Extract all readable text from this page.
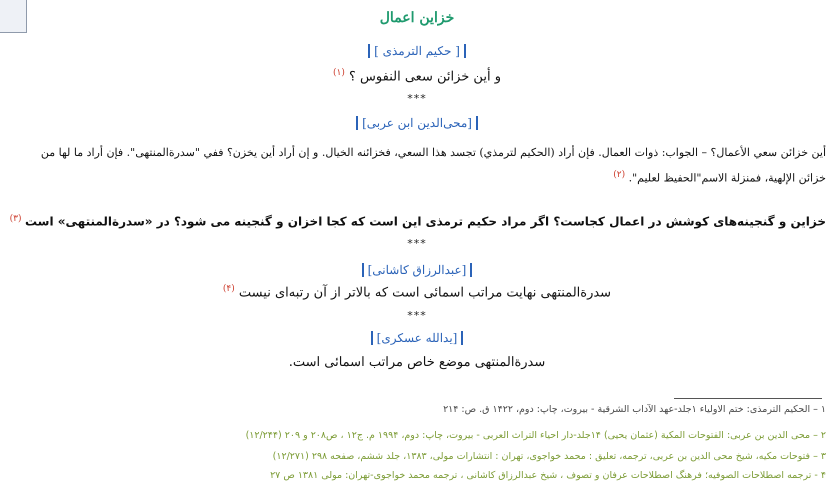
خزاین اعمال
[ حکیم الترمذی ]
و أین خزائن سعی النفوس ؟ $^{(۱)}$
***
[محی‌الدین ابن عربی]
أین خزائن سعي الأعمال؟ – الجواب: ذوات العمال. فإن أراد (الحکیم لترمذي) تجسد هذا السعي، فخزائنه الخیال. و إن أراد أين يخزن؟ ففي "سدرةالمنتهی". فإن أراد ما لها من
خزائن الإلهیة، فمنزلة الاسم"الحفیظ لعلیم". $^{(۲)}$
خزاین و گنجینه‌های کوشش در اعمال کجاست؟ اگر مراد حکیم ترمذی این است که کجا اخزان و گنجینه می شود؟ در «سدرةالمنتهی» است $^{(۳)}$
***
[عبدالرزاق کاشانی]
سدرةالمنتهی نهایت مراتب اسمائی است که بالاتر از آن رتبه‌ای نیست $^{(۴)}$
***
[یدالله عسکری]
سدرةالمنتهی موضع خاص مراتب اسمائی است.
۱ – الحکیم الترمذی: ختم الاولیاء ۱جلد-عهد الآداب الشرقیة - بیروت، چاپ: دوم، ۱۴۲۲ ق. ص: ۲۱۴
۲ – محی الدین بن عربی: الفتوحات المکیة (عثمان یحیی) ۱۴جلد-دار احیاء التراث العربی - بیروت، چاپ: دوم، ۱۹۹۴ م. ج۱۲ ، ص۲۰۸ و ۲۰۹ (۱۲/۲۴۴)
۳ – فتوحات مکیه، شیخ محی الدین بن عربی، ترجمه، تعلیق : محمد خواجوی، تهران : انتشارات مولی، ۱۳۸۳، جلد ششم، صفحه ۲۹۸ (۱۲/۲۷۱)
۴ - ترجمه اصطلاحات الصوفیه؛ فرهنگ اصطلاحات عرفان و تصوف ، شیخ عبدالرزاق کاشانی ، ترجمه محمد خواجوی-تهران: مولی ۱۳۸۱ ص ۲۷
